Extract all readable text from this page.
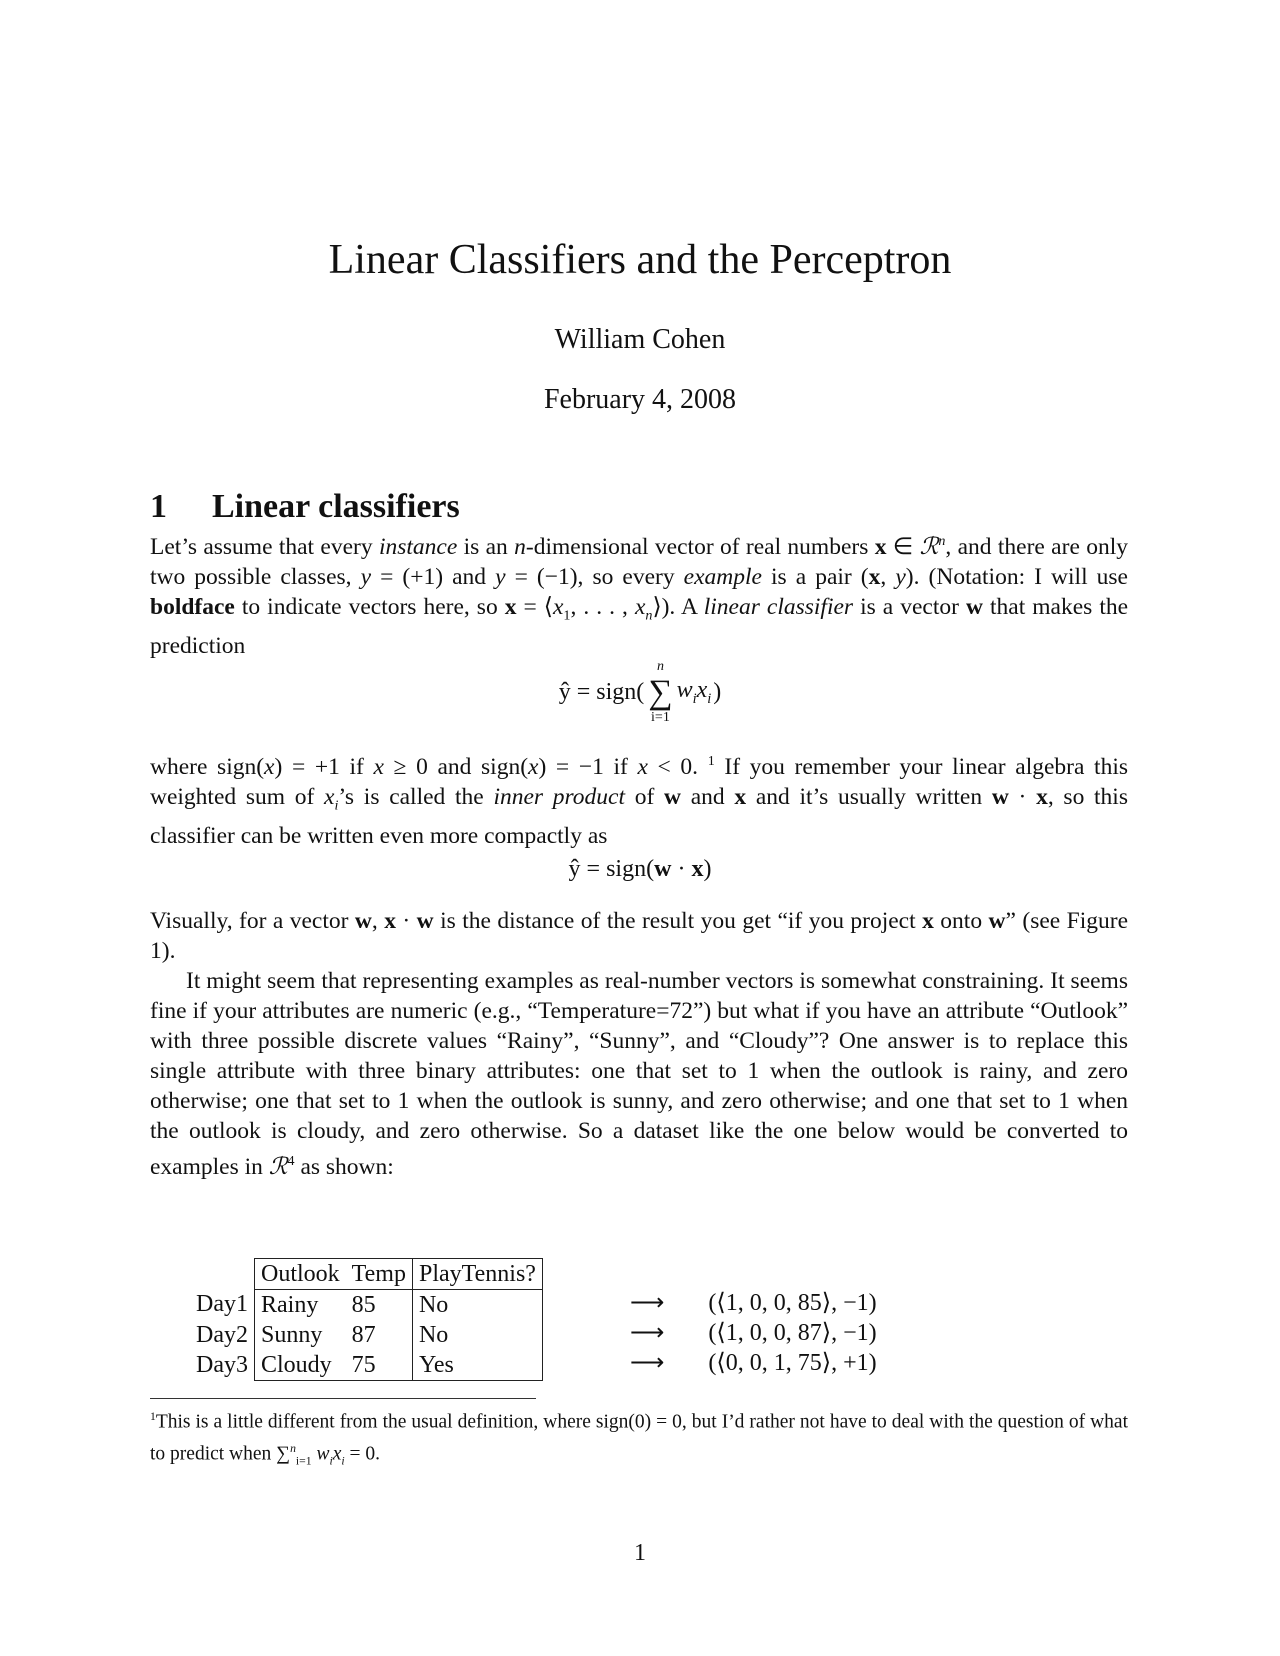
Linear Classifiers and the Perceptron
William Cohen
February 4, 2008
1 Linear classifiers
Let’s assume that every instance is an n-dimensional vector of real numbers x ∈ ℛ$^n$, and there are only two possible classes, y = (+1) and y = (−1), so every example is a pair (x, y). (Notation: I will use boldface to indicate vectors here, so $x = ⟨x_1$, . . . , $x_n⟩$). A linear classifier is a vector w that makes the prediction
ŷ = sign(
n
∑
i=1
$w_ix_i$ )
where sign(x) = +1 if x ≥ 0 and sign(x) = −1 if x < 0. $^1$ If you remember your linear algebra this weighted sum of $x_i’s$ is called the inner product of w and x and it’s usually written w · x, so this classifier can be written even more compactly as
ŷ = sign(w · x)
Visually, for a vector w, x · w is the distance of the result you get “if you project x onto w” (see Figure 1).
It might seem that representing examples as real-number vectors is somewhat constraining. It seems fine if your attributes are numeric (e.g., “Temperature=72”) but what if you have an attribute “Outlook” with three possible discrete values “Rainy”, “Sunny”, and “Cloudy”? One answer is to replace this single attribute with three binary attributes: one that set to 1 when the outlook is rainy, and zero otherwise; one that set to 1 when the outlook is sunny, and zero otherwise; and one that set to 1 when the outlook is cloudy, and zero otherwise. So a dataset like the one below would be converted to examples in ℛ$^4$ as shown:
	Outlook	Temp	PlayTennis?
Day1	Rainy	85	No
Day2	Sunny	87	No
Day3	Cloudy	75	Yes
⟶ (⟨1, 0, 0, 85⟩, −1)
⟶ (⟨1, 0, 0, 87⟩, −1)
⟶ (⟨0, 0, 1, 75⟩, +1)
$^1$This is a little different from the usual definition, where sign(0) = 0, but I’d rather not have to deal with the question of what to predict when ∑$^n_{i=1}$ $w_ix_i = 0$.
1
